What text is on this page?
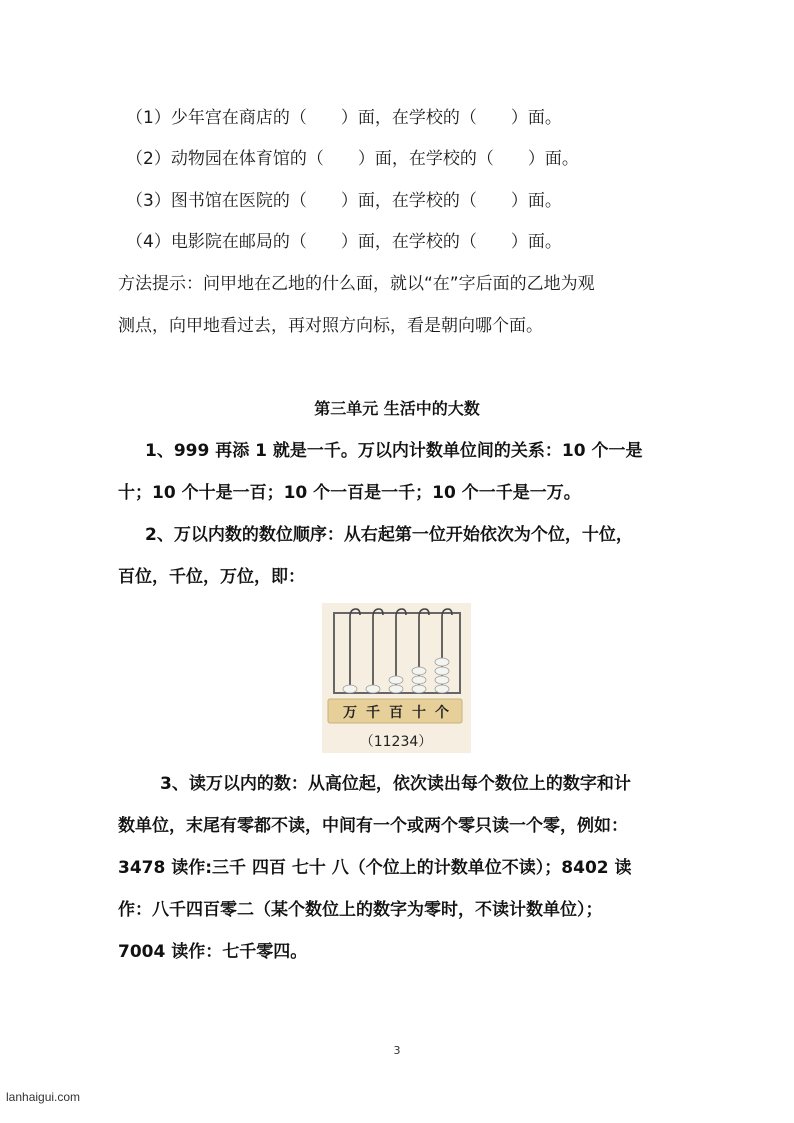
（1）少年宫在商店的（　　）面，在学校的（　　）面。
（2）动物园在体育馆的（　　）面，在学校的（　　）面。
（3）图书馆在医院的（　　）面，在学校的（　　）面。
（4）电影院在邮局的（　　）面，在学校的（　　）面。
方法提示：问甲地在乙地的什么面，就以“在”字后面的乙地为观
测点，向甲地看过去，再对照方向标，看是朝向哪个面。
第三单元 生活中的大数
1、999 再添 1 就是一千。万以内计数单位间的关系：10 个一是
十；10 个十是一百；10 个一百是一千；10 个一千是一万。
2、万以内数的数位顺序：从右起第一位开始依次为个位，十位，
百位，千位，万位，即：
万 千 百 十 个
（11234）
3、读万以内的数：从高位起，依次读出每个数位上的数字和计
数单位，末尾有零都不读，中间有一个或两个零只读一个零，例如：
3478 读作:三千 四百 七十 八（个位上的计数单位不读）；8402 读
作：八千四百零二（某个数位上的数字为零时，不读计数单位）；
7004 读作：七千零四。
3
lanhaigui.com
